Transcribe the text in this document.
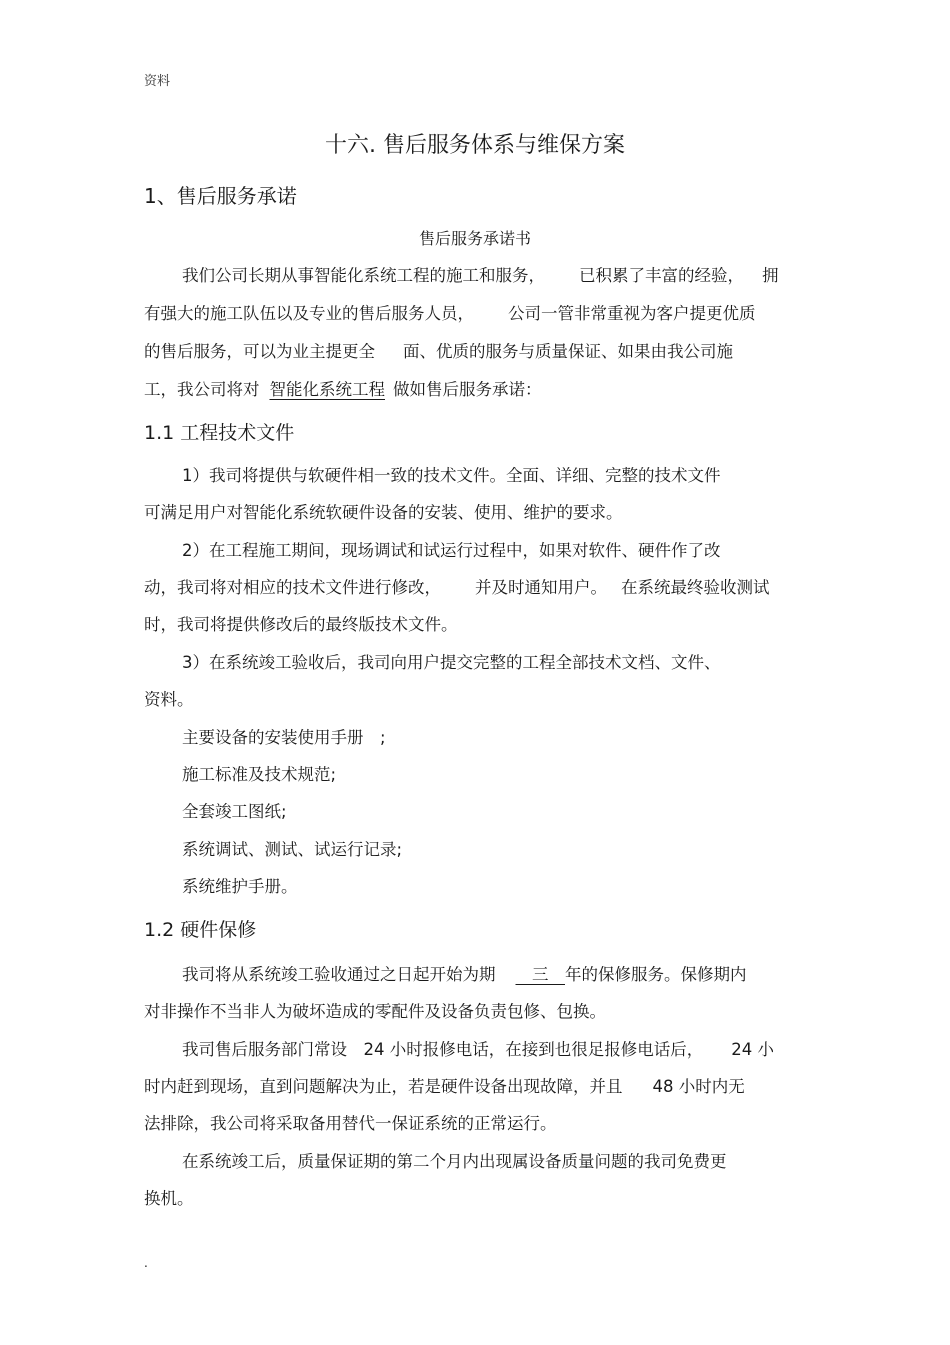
资料
十六. 售后服务体系与维保方案
1、售后服务承诺
售后服务承诺书
我们公司长期从事智能化系统工程的施工和服务， 已积累了丰富的经验， 拥
有强大的施工队伍以及专业的售后服务人员， 公司一管非常重视为客户提更优质
的售后服务，可以为业主提更全 面、优质的服务与质量保证、如果由我公司施
工，我公司将对 智能化系统工程 做如售后服务承诺：
1.1 工程技术文件
1）我司将提供与软硬件相一致的技术文件。全面、详细、完整的技术文件
可满足用户对智能化系统软硬件设备的安装、使用、维护的要求。
2）在工程施工期间，现场调试和试运行过程中，如果对软件、硬件作了改
动，我司将对相应的技术文件进行修改， 并及时通知用户。 在系统最终验收测试
时，我司将提供修改后的最终版技术文件。
3）在系统竣工验收后，我司向用户提交完整的工程全部技术文档、文件、
资料。
主要设备的安装使用手册　;
施工标准及技术规范;
全套竣工图纸;
系统调试、测试、试运行记录;
系统维护手册。
1.2 硬件保修
我司将从系统竣工验收通过之日起开始为期　三　年的保修服务。保修期内
对非操作不当非人为破坏造成的零配件及设备负责包修、包换。
我司售后服务部门常设　24 小时报修电话，在接到也很足报修电话后， 24 小
时内赶到现场，直到问题解决为止，若是硬件设备出现故障，并且 48 小时内无
法排除，我公司将采取备用替代一保证系统的正常运行。
在系统竣工后，质量保证期的第二个月内出现属设备质量问题的我司免费更
换机。
.
